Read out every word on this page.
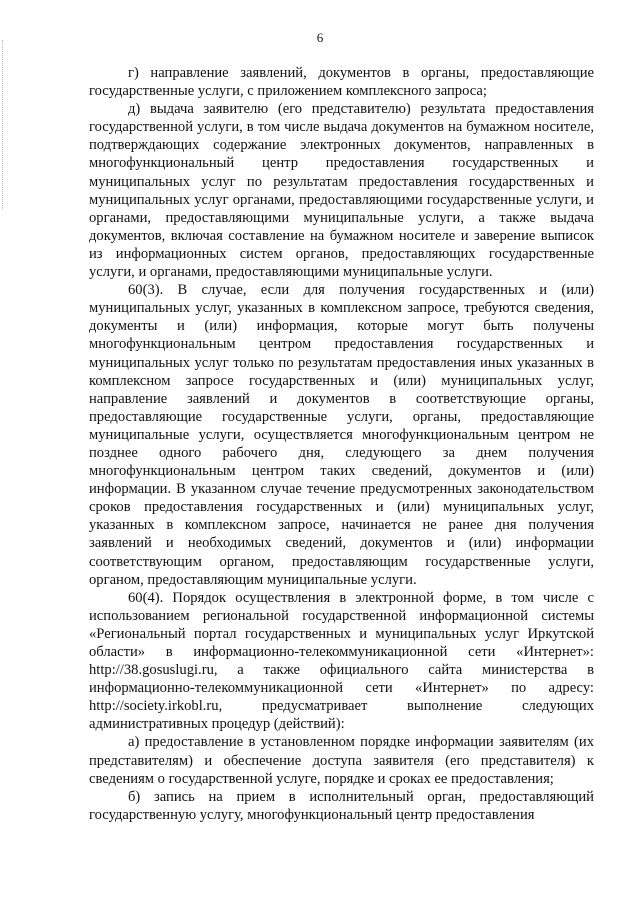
6

г) направление заявлений, документов в органы, предоставляющие государственные услуги, с приложением комплексного запроса;

д) выдача заявителю (его представителю) результата предоставления государственной услуги, в том числе выдача документов на бумажном носителе, подтверждающих содержание электронных документов, направленных в многофункциональный центр предоставления государственных и муниципальных услуг по результатам предоставления государственных и муниципальных услуг органами, предоставляющими государственные услуги, и органами, предоставляющими муниципальные услуги, а также выдача документов, включая составление на бумажном носителе и заверение выписок из информационных систем органов, предоставляющих государственные услуги, и органами, предоставляющими муниципальные услуги.

60(3). В случае, если для получения государственных и (или) муниципальных услуг, указанных в комплексном запросе, требуются сведения, документы и (или) информация, которые могут быть получены многофункциональным центром предоставления государственных и муниципальных услуг только по результатам предоставления иных указанных в комплексном запросе государственных и (или) муниципальных услуг, направление заявлений и документов в соответствующие органы, предоставляющие государственные услуги, органы, предоставляющие муниципальные услуги, осуществляется многофункциональным центром не позднее одного рабочего дня, следующего за днем получения многофункциональным центром таких сведений, документов и (или) информации. В указанном случае течение предусмотренных законодательством сроков предоставления государственных и (или) муниципальных услуг, указанных в комплексном запросе, начинается не ранее дня получения заявлений и необходимых сведений, документов и (или) информации соответствующим органом, предоставляющим государственные услуги, органом, предоставляющим муниципальные услуги.

60(4). Порядок осуществления в электронной форме, в том числе с использованием региональной государственной информационной системы «Региональный портал государственных и муниципальных услуг Иркутской области» в информационно-телекоммуникационной сети «Интернет»: http://38.gosuslugi.ru, а также официального сайта министерства в информационно-телекоммуникационной сети «Интернет» по адресу: http://society.irkobl.ru, предусматривает выполнение следующих административных процедур (действий):

а) предоставление в установленном порядке информации заявителям (их представителям) и обеспечение доступа заявителя (его представителя) к сведениям о государственной услуге, порядке и сроках ее предоставления;

б) запись на прием в исполнительный орган, предоставляющий государственную услугу, многофункциональный центр предоставления
